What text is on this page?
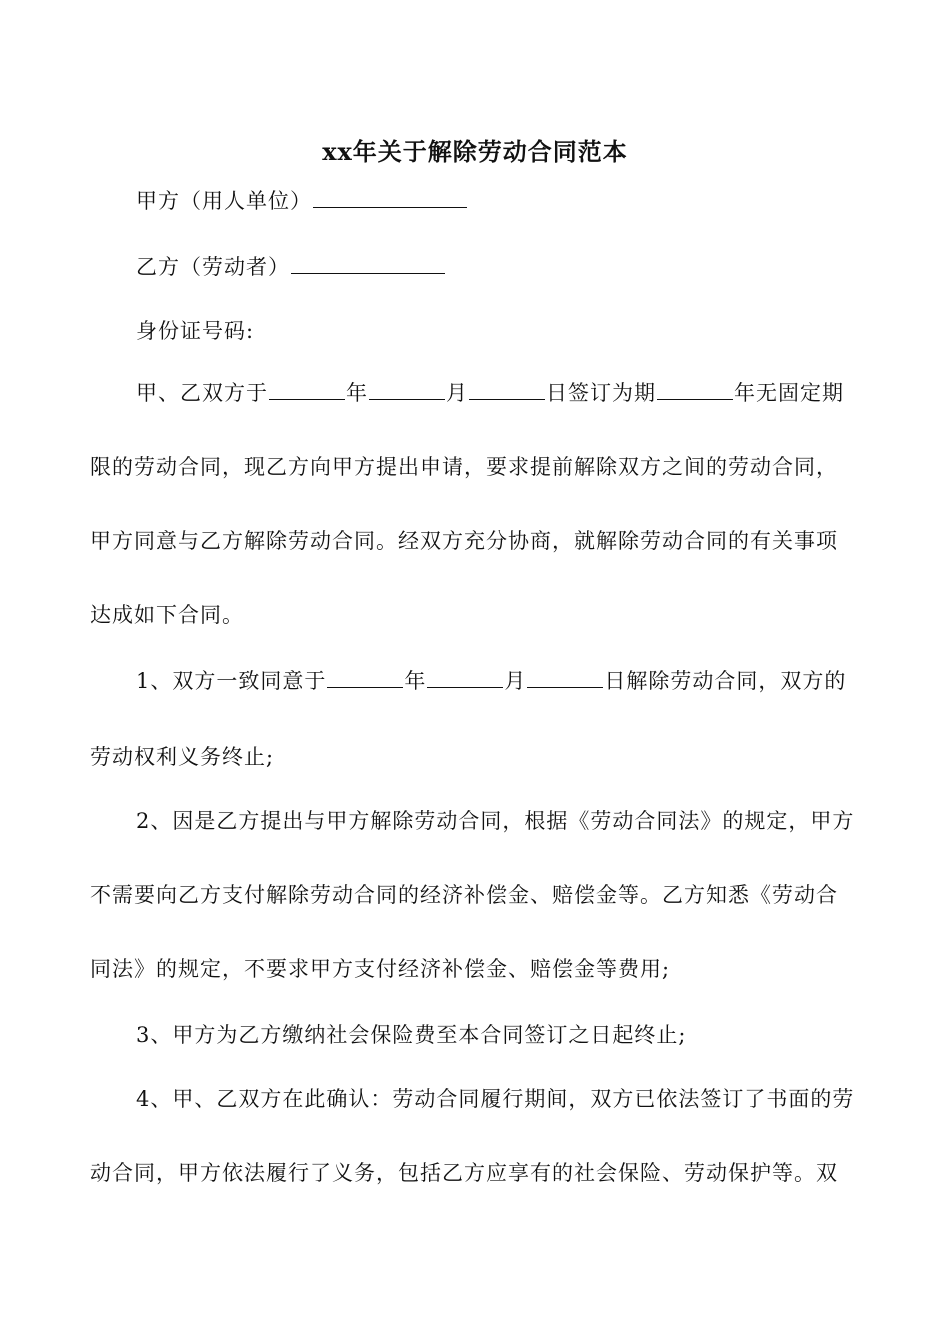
xx年关于解除劳动合同范本
甲方（用人单位）
乙方（劳动者）
身份证号码:
甲、乙双方于	年	月	日签订为期	年无固定期
限的劳动合同，现乙方向甲方提出申请，要求提前解除双方之间的劳动合同，
甲方同意与乙方解除劳动合同。经双方充分协商，就解除劳动合同的有关事项
达成如下合同。
1、双方一致同意于	年	月	日解除劳动合同，双方的
劳动权利义务终止;
2、因是乙方提出与甲方解除劳动合同，根据《劳动合同法》的规定，甲方
不需要向乙方支付解除劳动合同的经济补偿金、赔偿金等。乙方知悉《劳动合
同法》的规定，不要求甲方支付经济补偿金、赔偿金等费用;
3、甲方为乙方缴纳社会保险费至本合同签订之日起终止;
4、甲、乙双方在此确认：劳动合同履行期间，双方已依法签订了书面的劳
动合同，甲方依法履行了义务，包括乙方应享有的社会保险、劳动保护等。双
